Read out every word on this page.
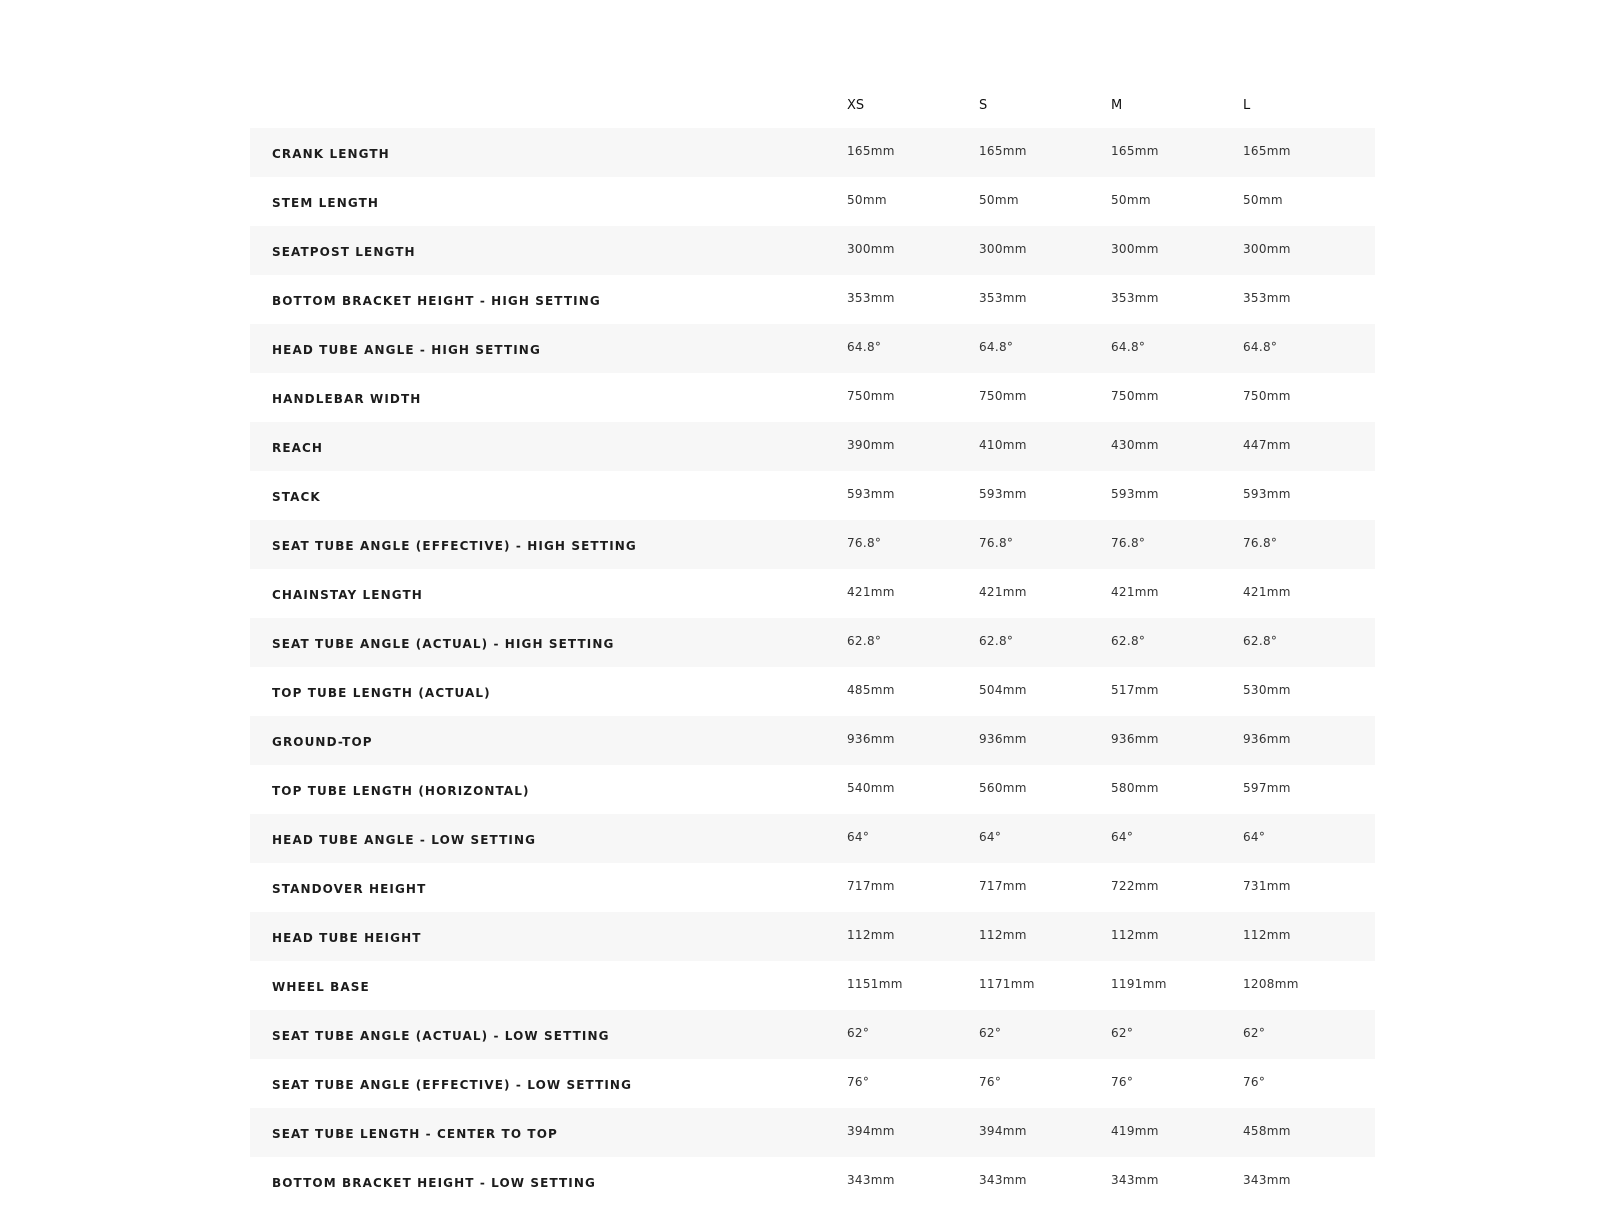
	XS	S	M	L
CRANK LENGTH	165mm	165mm	165mm	165mm
STEM LENGTH	50mm	50mm	50mm	50mm
SEATPOST LENGTH	300mm	300mm	300mm	300mm
BOTTOM BRACKET HEIGHT - HIGH SETTING	353mm	353mm	353mm	353mm
HEAD TUBE ANGLE - HIGH SETTING	64.8°	64.8°	64.8°	64.8°
HANDLEBAR WIDTH	750mm	750mm	750mm	750mm
REACH	390mm	410mm	430mm	447mm
STACK	593mm	593mm	593mm	593mm
SEAT TUBE ANGLE (EFFECTIVE) - HIGH SETTING	76.8°	76.8°	76.8°	76.8°
CHAINSTAY LENGTH	421mm	421mm	421mm	421mm
SEAT TUBE ANGLE (ACTUAL) - HIGH SETTING	62.8°	62.8°	62.8°	62.8°
TOP TUBE LENGTH (ACTUAL)	485mm	504mm	517mm	530mm
GROUND-TOP	936mm	936mm	936mm	936mm
TOP TUBE LENGTH (HORIZONTAL)	540mm	560mm	580mm	597mm
HEAD TUBE ANGLE - LOW SETTING	64°	64°	64°	64°
STANDOVER HEIGHT	717mm	717mm	722mm	731mm
HEAD TUBE HEIGHT	112mm	112mm	112mm	112mm
WHEEL BASE	1151mm	1171mm	1191mm	1208mm
SEAT TUBE ANGLE (ACTUAL) - LOW SETTING	62°	62°	62°	62°
SEAT TUBE ANGLE (EFFECTIVE) - LOW SETTING	76°	76°	76°	76°
SEAT TUBE LENGTH - CENTER TO TOP	394mm	394mm	419mm	458mm
BOTTOM BRACKET HEIGHT - LOW SETTING	343mm	343mm	343mm	343mm
